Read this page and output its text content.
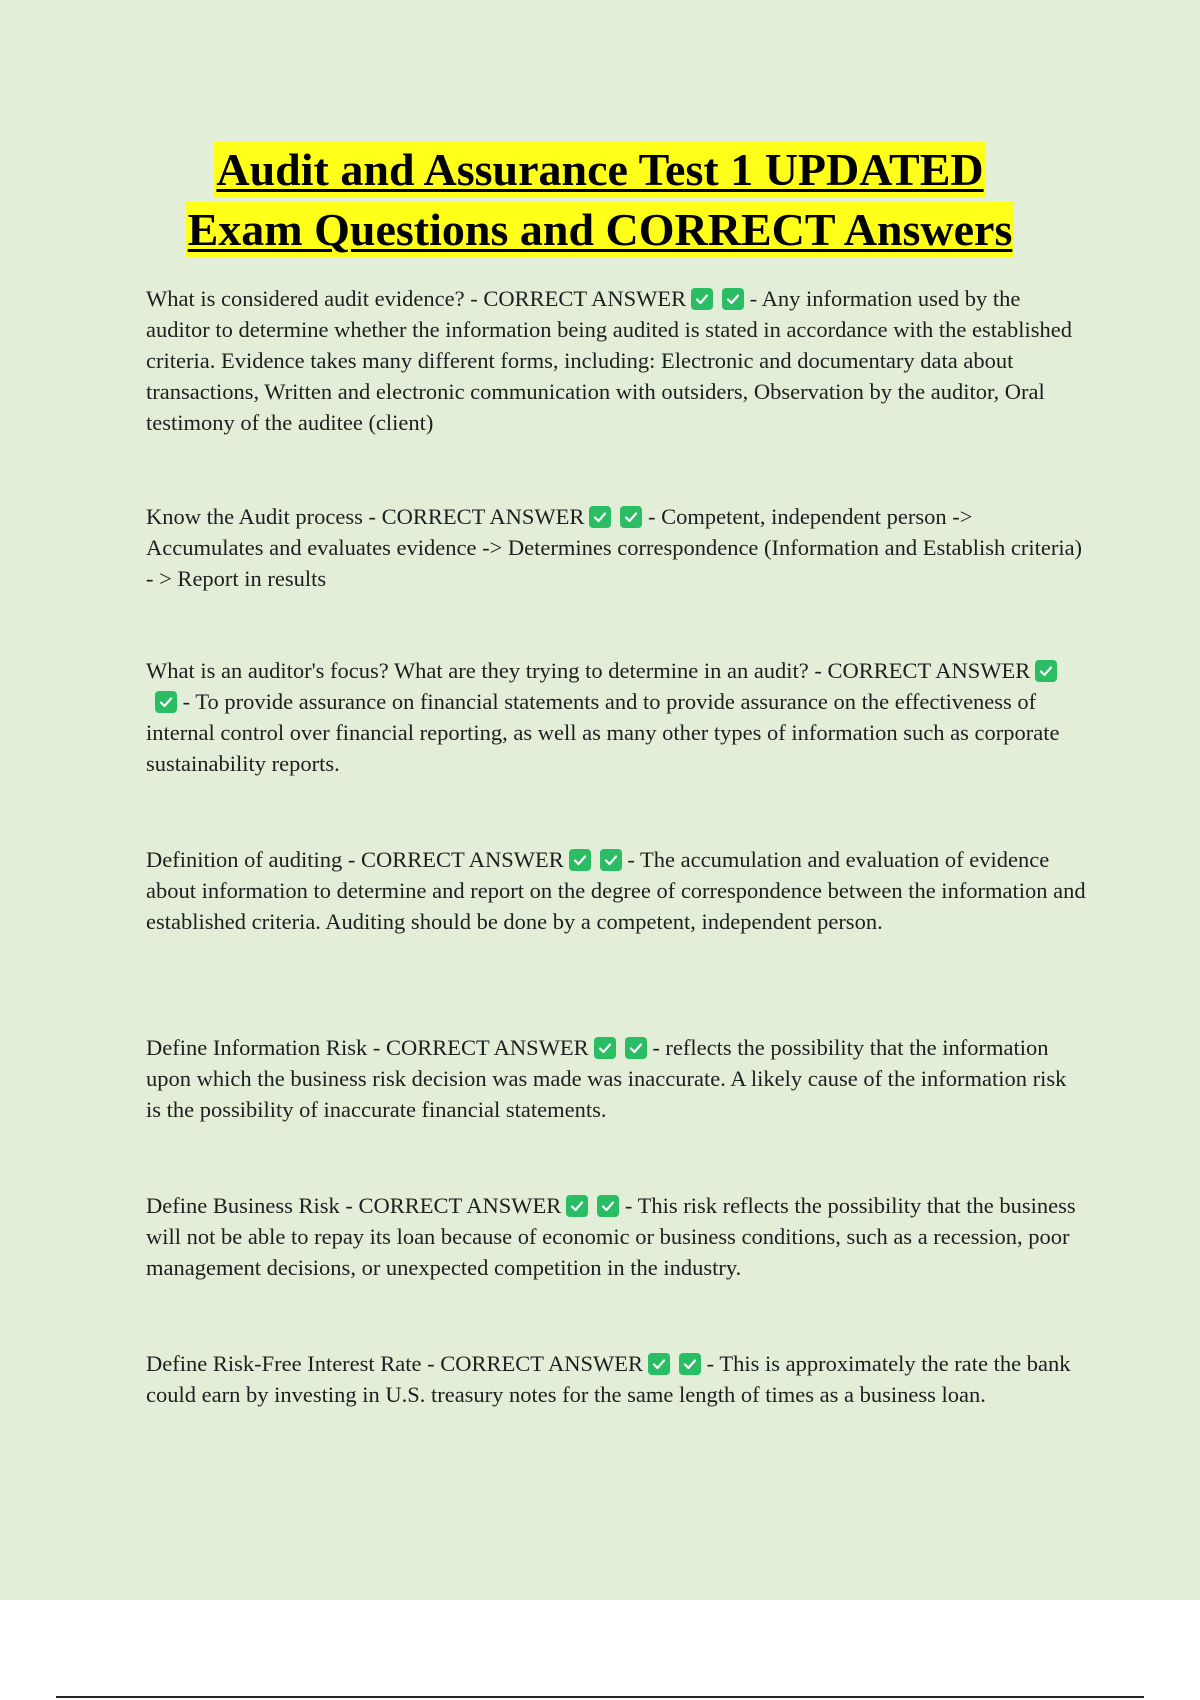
Audit and Assurance Test 1 UPDATED
Exam Questions and CORRECT Answers
What is considered audit evidence? - CORRECT ANSWER	- Any information used by the auditor to determine whether the information being audited is stated in accordance with the established criteria. Evidence takes many different forms, including: Electronic and documentary data about transactions, Written and electronic communication with outsiders, Observation by the auditor, Oral testimony of the auditee (client)
Know the Audit process - CORRECT ANSWER	- Competent, independent person -> Accumulates and evaluates evidence -> Determines correspondence (Information and Establish criteria) - > Report in results
What is an auditor's focus? What are they trying to determine in an audit? - CORRECT ANSWER
- To provide assurance on financial statements and to provide assurance on the effectiveness of internal control over financial reporting, as well as many other types of information such as corporate sustainability reports.
Definition of auditing - CORRECT ANSWER	- The accumulation and evaluation of evidence about information to determine and report on the degree of correspondence between the information and established criteria. Auditing should be done by a competent, independent person.
Define Information Risk - CORRECT ANSWER	- reflects the possibility that the information upon which the business risk decision was made was inaccurate. A likely cause of the information risk is the possibility of inaccurate financial statements.
Define Business Risk - CORRECT ANSWER	- This risk reflects the possibility that the business will not be able to repay its loan because of economic or business conditions, such as a recession, poor management decisions, or unexpected competition in the industry.
Define Risk-Free Interest Rate - CORRECT ANSWER	- This is approximately the rate the bank could earn by investing in U.S. treasury notes for the same length of times as a business loan.
